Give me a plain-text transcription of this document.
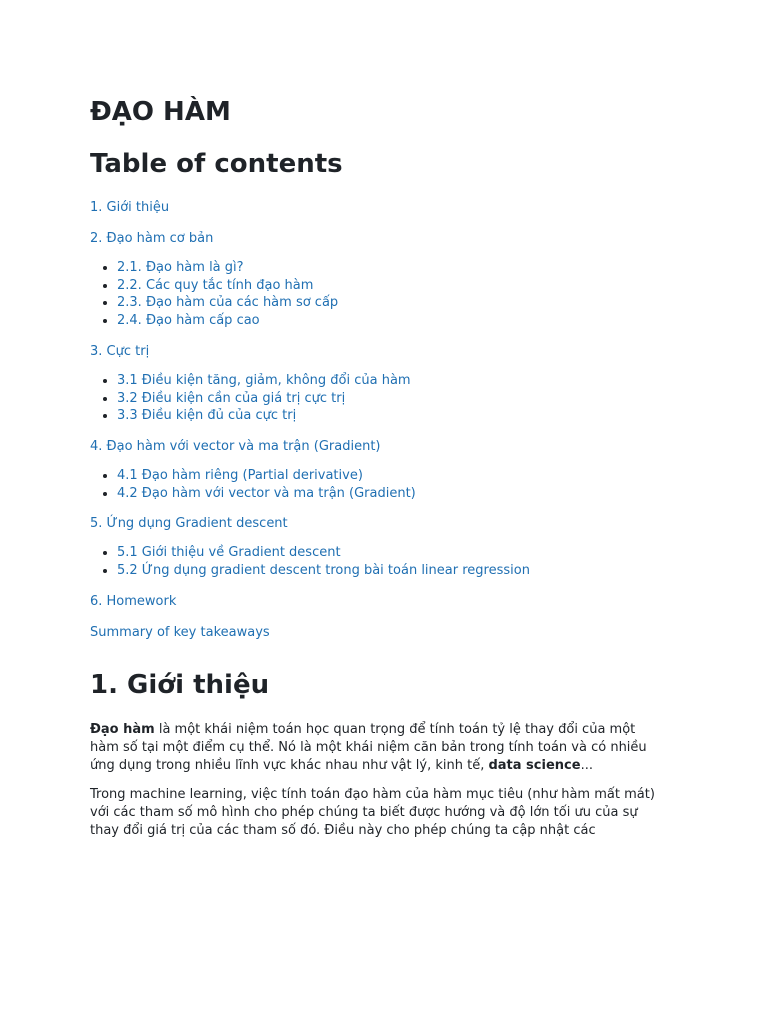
ĐẠO HÀM
Table of contents
1. Giới thiệu
2. Đạo hàm cơ bản
• 2.1. Đạo hàm là gì?
• 2.2. Các quy tắc tính đạo hàm
• 2.3. Đạo hàm của các hàm sơ cấp
• 2.4. Đạo hàm cấp cao
3. Cực trị
• 3.1 Điều kiện tăng, giảm, không đổi của hàm
• 3.2 Điều kiện cần của giá trị cực trị
• 3.3 Điều kiện đủ của cực trị
4. Đạo hàm với vector và ma trận (Gradient)
• 4.1 Đạo hàm riêng (Partial derivative)
• 4.2 Đạo hàm với vector và ma trận (Gradient)
5. Ứng dụng Gradient descent
• 5.1 Giới thiệu về Gradient descent
• 5.2 Ứng dụng gradient descent trong bài toán linear regression
6. Homework
Summary of key takeaways
1. Giới thiệu

Đạo hàm là một khái niệm toán học quan trọng để tính toán tỷ lệ thay đổi của một hàm số tại một điểm cụ thể. Nó là một khái niệm căn bản trong tính toán và có nhiều ứng dụng trong nhiều lĩnh vực khác nhau như vật lý, kinh tế, data science...

Trong machine learning, việc tính toán đạo hàm của hàm mục tiêu (như hàm mất mát) với các tham số mô hình cho phép chúng ta biết được hướng và độ lớn tối ưu của sự thay đổi giá trị của các tham số đó. Điều này cho phép chúng ta cập nhật các
